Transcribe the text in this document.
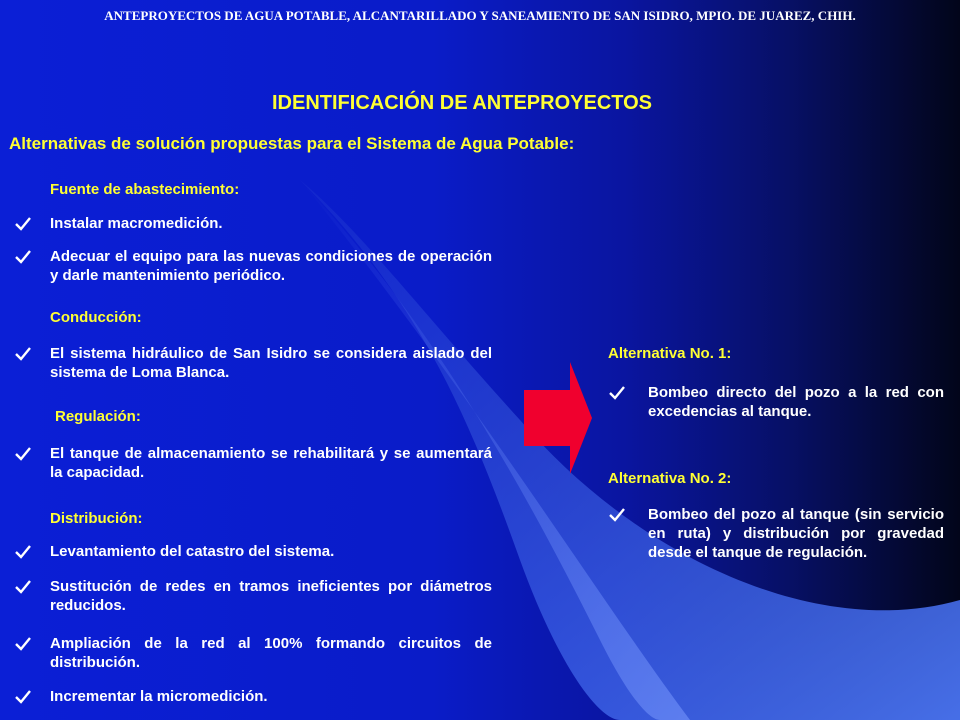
ANTEPROYECTOS DE AGUA POTABLE, ALCANTARILLADO Y SANEAMIENTO DE SAN ISIDRO, MPIO. DE JUAREZ, CHIH.
IDENTIFICACIÓN DE ANTEPROYECTOS
Alternativas de solución propuestas para el Sistema de Agua Potable:
Fuente de abastecimiento:
Instalar macromedición.
Adecuar el equipo para las nuevas condiciones de operación y darle mantenimiento periódico.
Conducción:
El sistema hidráulico de San Isidro se considera aislado del sistema de Loma Blanca.
Regulación:
El tanque de almacenamiento se rehabilitará y se aumentará la capacidad.
Distribución:
Levantamiento del catastro del sistema.
Sustitución de redes en tramos ineficientes por diámetros reducidos.
Ampliación de la red al 100% formando circuitos de distribución.
Incrementar la micromedición.
Alternativa No. 1:
Bombeo directo del pozo a la red con excedencias al tanque.
Alternativa No. 2:
Bombeo del pozo al tanque (sin servicio en ruta) y distribución por gravedad desde el tanque de regulación.
